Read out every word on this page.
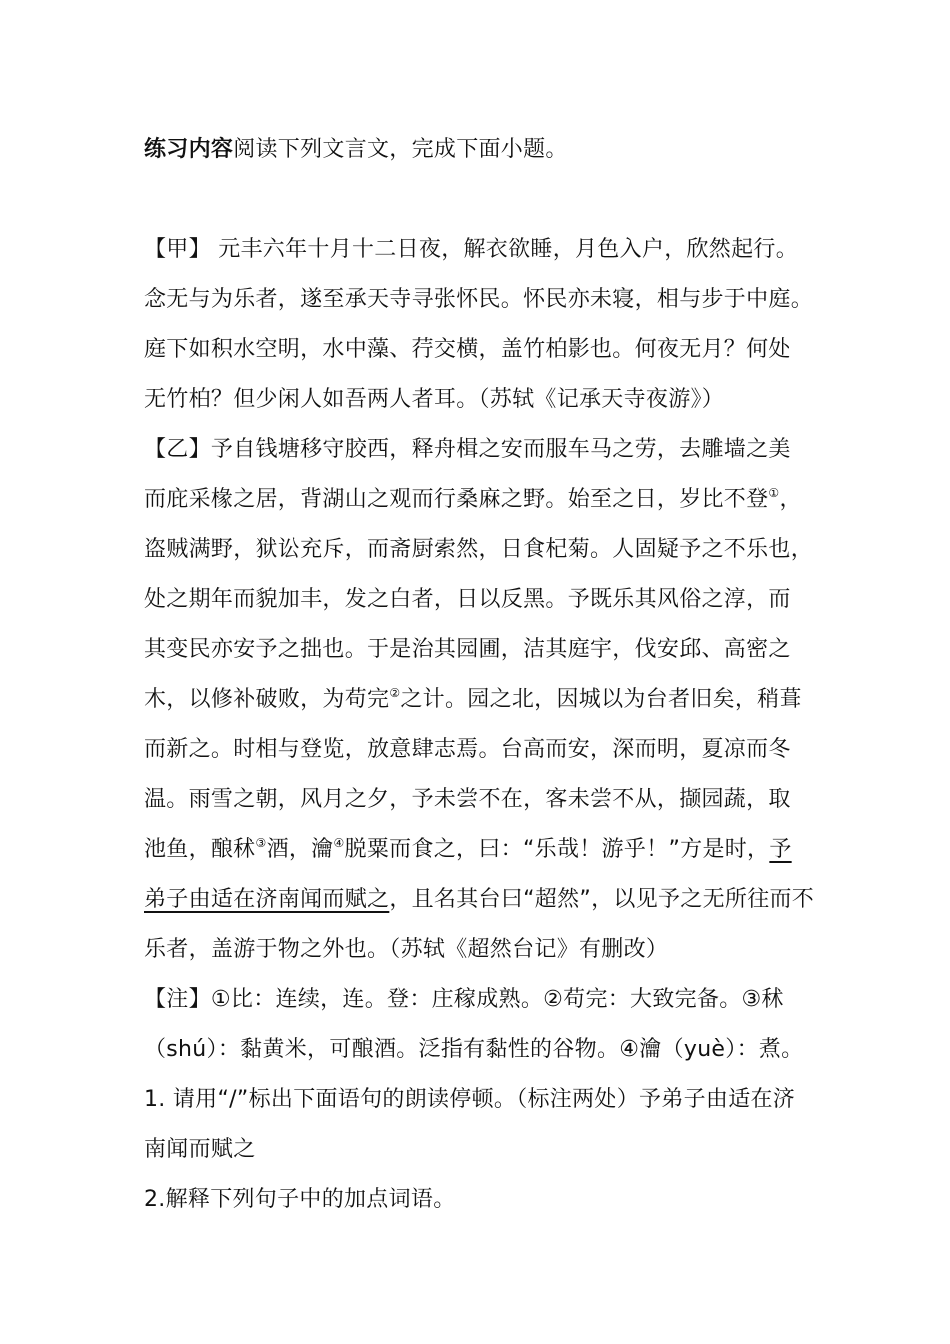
练习内容阅读下列文言文，完成下面小题。
【甲】 元丰六年十月十二日夜，解衣欲睡，月色入户，欣然起行。
念无与为乐者，遂至承天寺寻张怀民。怀民亦未寝，相与步于中庭。
庭下如积水空明，水中藻、荇交横，盖竹柏影也。何夜无月？何处
无竹柏？但少闲人如吾两人者耳。（苏轼《记承天寺夜游》）
【乙】予自钱塘移守胶西，释舟楫之安而服车马之劳，去雕墙之美
而庇采椽之居，背湖山之观而行桑麻之野。始至之日，岁比不登①，
盗贼满野，狱讼充斥，而斋厨索然，日食杞菊。人固疑予之不乐也，
处之期年而貌加丰，发之白者，日以反黑。予既乐其风俗之淳，而
其变民亦安予之拙也。于是治其园圃，洁其庭宇，伐安邱、高密之
木，以修补破败，为苟完②之计。园之北，因城以为台者旧矣，稍葺
而新之。时相与登览，放意肆志焉。台高而安，深而明，夏凉而冬
温。雨雪之朝，风月之夕，予未尝不在，客未尝不从，撷园蔬，取
池鱼，酿秫③酒，瀹④脱粟而食之，曰：“乐哉！游乎！”方是时，予
弟子由适在济南闻而赋之，且名其台曰“超然”，以见予之无所往而不
乐者，盖游于物之外也。（苏轼《超然台记》有删改）
【注】①比：连续，连。登：庄稼成熟。②苟完：大致完备。③秫
（shú）：黏黄米，可酿酒。泛指有黏性的谷物。④瀹（yuè）：煮。
1. 请用“/”标出下面语句的朗读停顿。（标注两处）予弟子由适在济
南闻而赋之
2.解释下列句子中的加点词语。
